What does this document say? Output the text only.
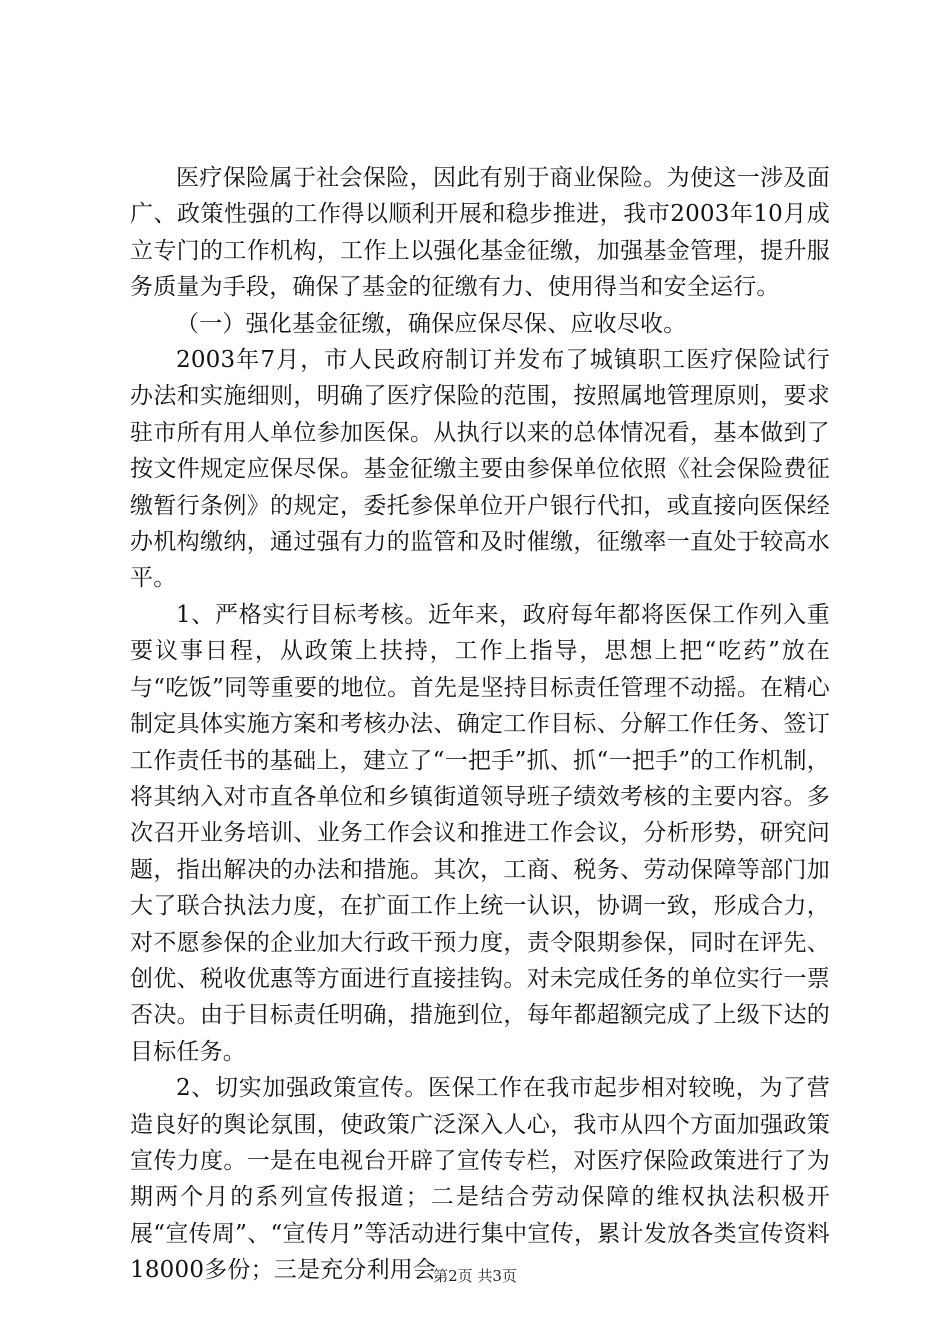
医疗保险属于社会保险，因此有别于商业保险。为使这一涉及面广、政策性强的工作得以顺利开展和稳步推进，我市2003年10月成立专门的工作机构，工作上以强化基金征缴，加强基金管理，提升服务质量为手段，确保了基金的征缴有力、使用得当和安全运行。

（一）强化基金征缴，确保应保尽保、应收尽收。

2003年7月，市人民政府制订并发布了城镇职工医疗保险试行办法和实施细则，明确了医疗保险的范围，按照属地管理原则，要求驻市所有用人单位参加医保。从执行以来的总体情况看，基本做到了按文件规定应保尽保。基金征缴主要由参保单位依照《社会保险费征缴暂行条例》的规定，委托参保单位开户银行代扣，或直接向医保经办机构缴纳，通过强有力的监管和及时催缴，征缴率一直处于较高水平。

1、严格实行目标考核。近年来，政府每年都将医保工作列入重要议事日程，从政策上扶持，工作上指导，思想上把“吃药”放在与“吃饭”同等重要的地位。首先是坚持目标责任管理不动摇。在精心制定具体实施方案和考核办法、确定工作目标、分解工作任务、签订工作责任书的基础上，建立了“一把手”抓、抓“一把手”的工作机制，将其纳入对市直各单位和乡镇街道领导班子绩效考核的主要内容。多次召开业务培训、业务工作会议和推进工作会议，分析形势，研究问题，指出解决的办法和措施。其次，工商、税务、劳动保障等部门加大了联合执法力度，在扩面工作上统一认识，协调一致，形成合力，对不愿参保的企业加大行政干预力度，责令限期参保，同时在评先、创优、税收优惠等方面进行直接挂钩。对未完成任务的单位实行一票否决。由于目标责任明确，措施到位，每年都超额完成了上级下达的目标任务。

2、切实加强政策宣传。医保工作在我市起步相对较晚，为了营造良好的舆论氛围，使政策广泛深入人心，我市从四个方面加强政策宣传力度。一是在电视台开辟了宣传专栏，对医疗保险政策进行了为期两个月的系列宣传报道；二是结合劳动保障的维权执法积极开展“宣传周”、“宣传月”等活动进行集中宣传，累计发放各类宣传资料18000多份；三是充分利用会

第2页 共3页
